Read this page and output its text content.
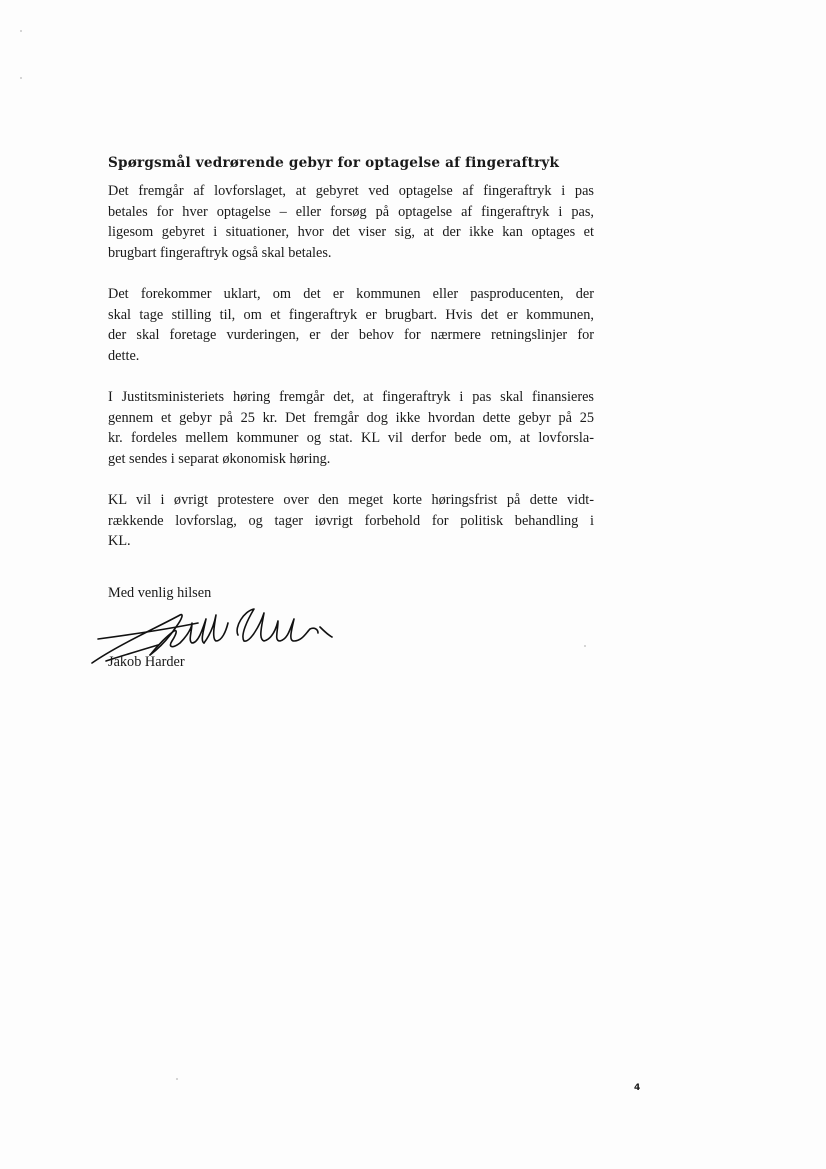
Spørgsmål vedrørende gebyr for optagelse af fingeraftryk

Det fremgår af lovforslaget, at gebyret ved optagelse af fingeraftryk i pas
betales for hver optagelse – eller forsøg på optagelse af fingeraftryk i pas,
ligesom gebyret i situationer, hvor det viser sig, at der ikke kan optages et
brugbart fingeraftryk også skal betales.

Det forekommer uklart, om det er kommunen eller pasproducenten, der
skal tage stilling til, om et fingeraftryk er brugbart. Hvis det er kommunen,
der skal foretage vurderingen, er der behov for nærmere retningslinjer for
dette.

I Justitsministeriets høring fremgår det, at fingeraftryk i pas skal finansieres
gennem et gebyr på 25 kr. Det fremgår dog ikke hvordan dette gebyr på 25
kr. fordeles mellem kommuner og stat. KL vil derfor bede om, at lovforsla-
get sendes i separat økonomisk høring.

KL vil i øvrigt protestere over den meget korte høringsfrist på dette vidt-
rækkende lovforslag, og tager iøvrigt forbehold for politisk behandling i
KL.

Med venlig hilsen

Jakob Harder

4
